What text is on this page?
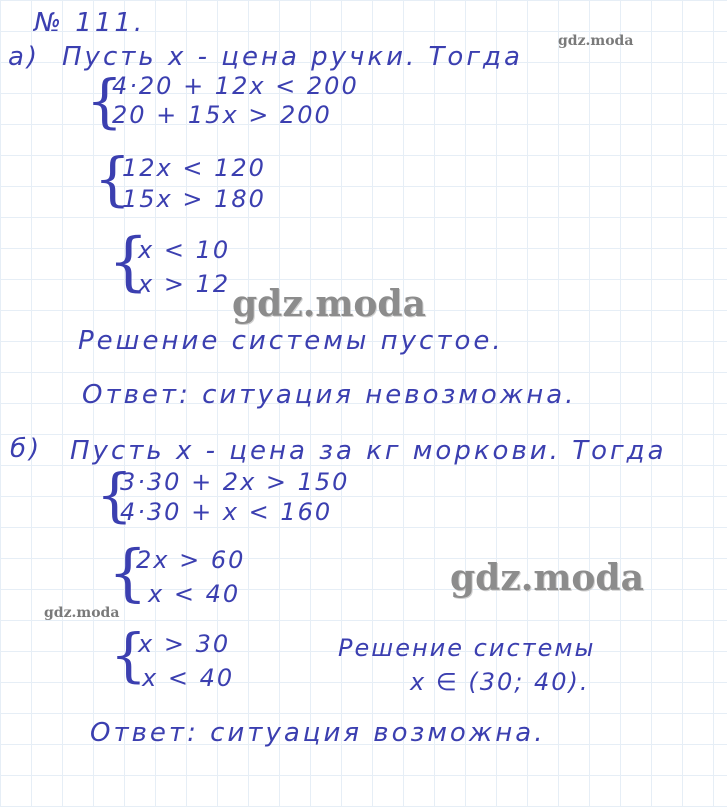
№ 111.
а) Пусть x - цена ручки. Тогда
{
4·20 + 12x < 200
20 + 15x > 200
{
12x < 120
15x > 180
{
x < 10
x > 12
Решение системы пустое.
Ответ: ситуация невозможна.
б) Пусть x - цена за кг моркови. Тогда
{
3·30 + 2x > 150
4·30 + x < 160
{
2x > 60
x < 40
{
x > 30
x < 40
Решение системы
x ∈ (30; 40).
Ответ: ситуация возможна.
gdz.moda
gdz.moda
gdz.moda
gdz.moda
